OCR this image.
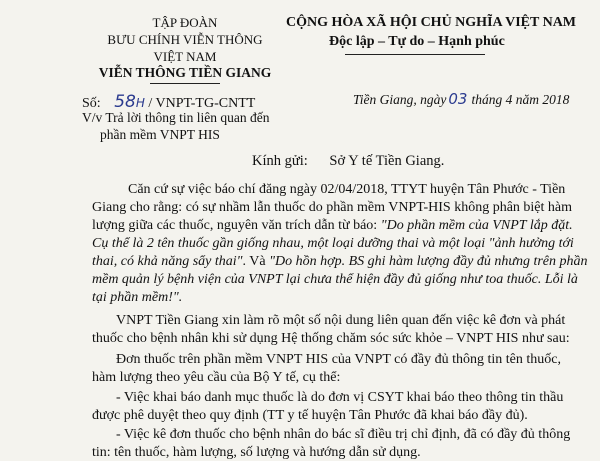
TẬP ĐOÀN
BƯU CHÍNH VIỄN THÔNG
VIỆT NAM
VIỄN THÔNG TIỀN GIANG
Số: 58H / VNPT-TG-CNTT
V/v Trả lời thông tin liên quan đến
phần mềm VNPT HIS
CỘNG HÒA XÃ HỘI CHỦ NGHĨA VIỆT NAM
Độc lập – Tự do – Hạnh phúc
Tiền Giang, ngày 03 tháng 4 năm 2018
Kính gửi: Sở Y tế Tiền Giang.
Căn cứ sự việc báo chí đăng ngày 02/04/2018, TTYT huyện Tân Phước - Tiền
Giang cho rằng: có sự nhầm lẫn thuốc do phần mềm VNPT-HIS không phân biệt hàm
lượng giữa các thuốc, nguyên văn trích dẫn từ báo: "Do phần mềm của VNPT lắp đặt.
Cụ thể là 2 tên thuốc gần giống nhau, một loại dưỡng thai và một loại "ảnh hưởng tới
thai, có khả năng sẩy thai". Và "Do hồn hợp. BS ghi hàm lượng đầy đủ nhưng trên phần
mềm quản lý bệnh viện của VNPT lại chưa thể hiện đầy đủ giống như toa thuốc. Lỗi là
tại phần mềm!".
VNPT Tiền Giang xin làm rõ một số nội dung liên quan đến việc kê đơn và phát
thuốc cho bệnh nhân khi sử dụng Hệ thống chăm sóc sức khỏe – VNPT HIS như sau:
Đơn thuốc trên phần mềm VNPT HIS của VNPT có đầy đủ thông tin tên thuốc,
hàm lượng theo yêu cầu của Bộ Y tế, cụ thể:
- Việc khai báo danh mục thuốc là do đơn vị CSYT khai báo theo thông tin thầu
được phê duyệt theo quy định (TT y tế huyện Tân Phước đã khai báo đầy đủ).
- Việc kê đơn thuốc cho bệnh nhân do bác sĩ điều trị chỉ định, đã có đầy đủ thông
tin: tên thuốc, hàm lượng, số lượng và hướng dẫn sử dụng.
